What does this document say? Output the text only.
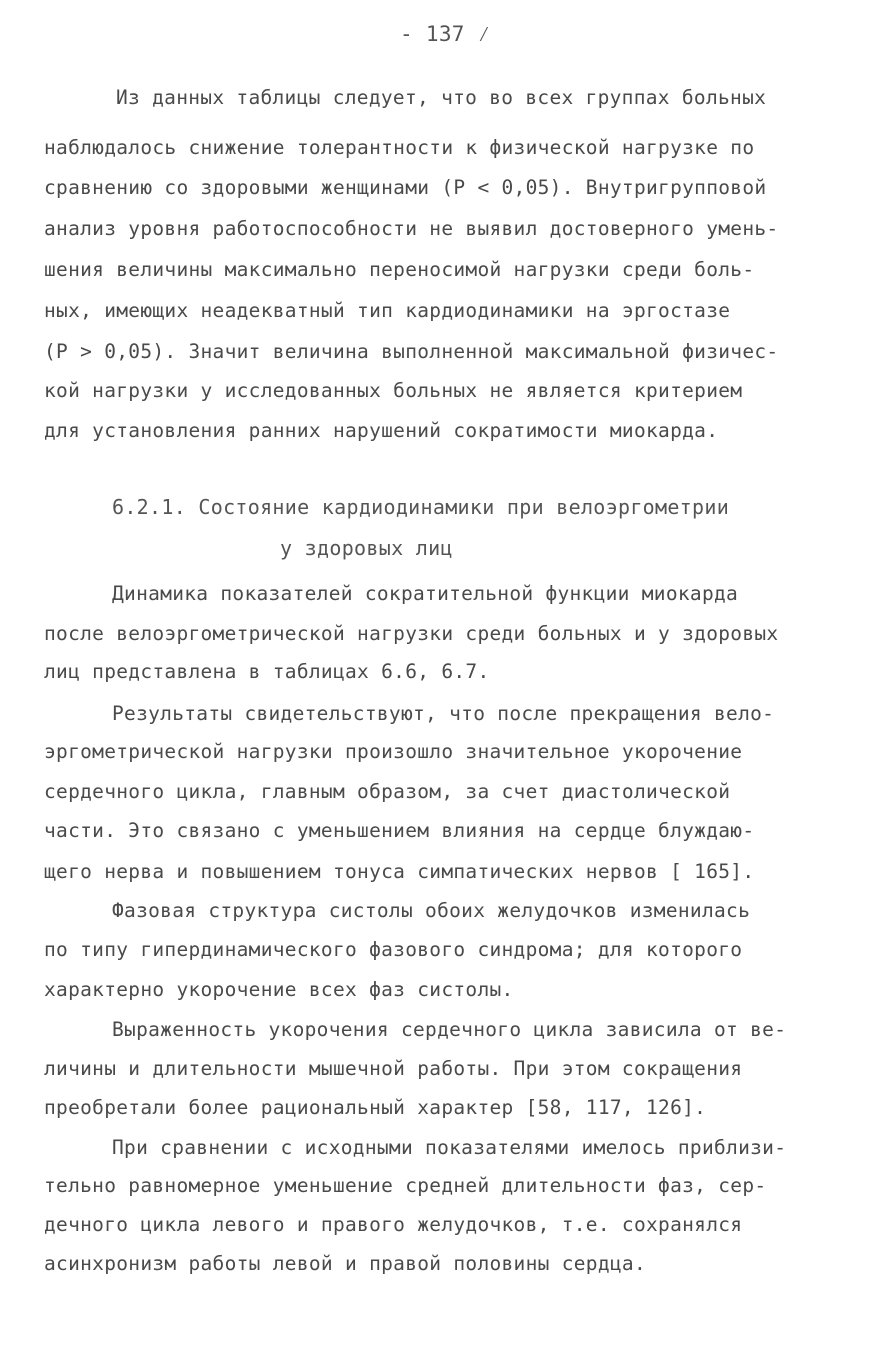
- 137 ⁄
Из данных таблицы следует, что во всех группах больных
наблюдалось снижение толерантности к физической нагрузке по
сравнению со здоровыми женщинами (P < 0,05). Внутригрупповой
анализ уровня работоспособности не выявил достоверного умень-
шения величины максимально переносимой нагрузки среди боль-
ных, имеющих неадекватный тип кардиодинамики на эргостазе
(P > 0,05). Значит величина выполненной максимальной физичес-
кой нагрузки у исследованных больных не является критерием
для установления ранних нарушений сократимости миокарда.
6.2.1. Состояние кардиодинамики при велоэргометрии
у здоровых лиц
Динамика показателей сократительной функции миокарда
после велоэргометрической нагрузки среди больных и у здоровых
лиц представлена в таблицах 6.6, 6.7.
Результаты свидетельствуют, что после прекращения вело-
эргометрической нагрузки произошло значительное укорочение
сердечного цикла, главным образом, за счет диастолической
части. Это связано с уменьшением влияния на сердце блуждаю-
щего нерва и повышением тонуса симпатических нервов [ 165].
Фазовая структура систолы обоих желудочков изменилась
по типу гипердинамического фазового синдрома; для которого
характерно укорочение всех фаз систолы.
Выраженность укорочения сердечного цикла зависила от ве-
личины и длительности мышечной работы. При этом сокращения
преобретали более рациональный характер [58, 117, 126].
При сравнении с исходными показателями имелось приблизи-
тельно равномерное уменьшение средней длительности фаз, сер-
дечного цикла левого и правого желудочков, т.е. сохранялся
асинхронизм работы левой и правой половины сердца.
